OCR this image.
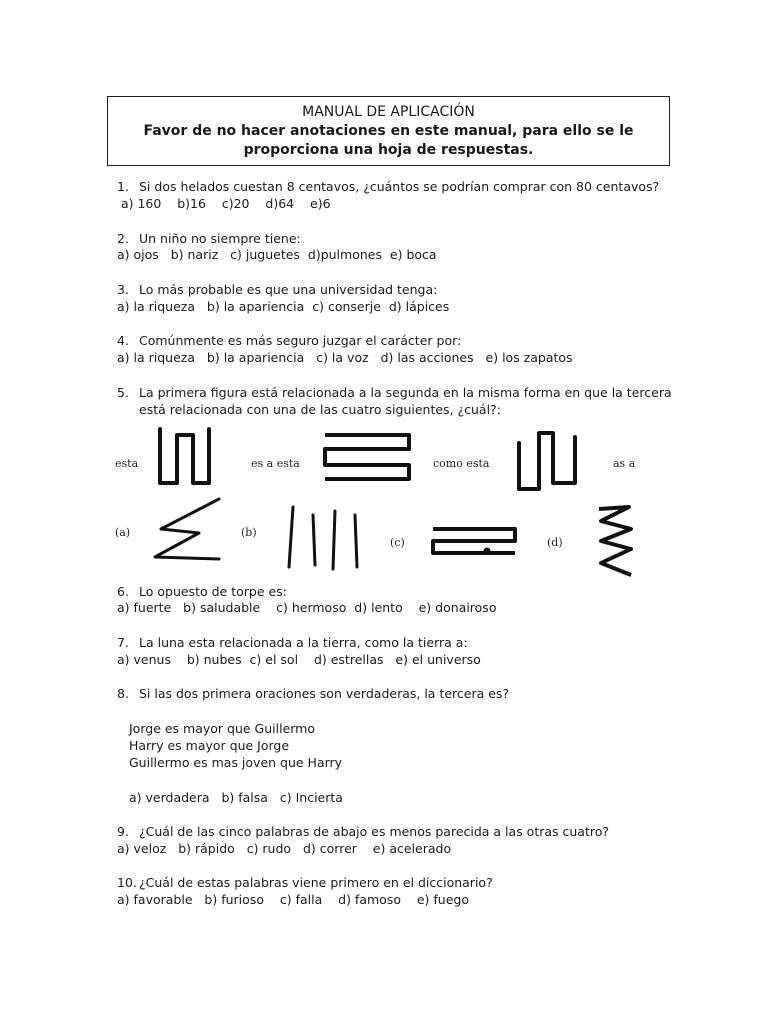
MANUAL DE APLICACIÓN
Favor de no hacer anotaciones en este manual, para ello se le
proporciona una hoja de respuestas.
1. Si dos helados cuestan 8 centavos, ¿cuántos se podrían comprar con 80 centavos?
a) 160    b)16    c)20    d)64    e)6
2. Un niño no siempre tiene:
a) ojos   b) nariz   c) juguetes  d)pulmones  e) boca
3. Lo más probable es que una universidad tenga:
a) la riqueza   b) la apariencia  c) conserje  d) lápices
4. Comúnmente es más seguro juzgar el carácter por:
a) la riqueza   b) la apariencia   c) la voz   d) las acciones   e) los zapatos
5. La primera figura está relacionada a la segunda en la misma forma en que la tercera
está relacionada con una de las cuatro siguientes, ¿cuál?:
esta	es a esta	como esta	as a
(a)	(b)
(c)	(d)
6. Lo opuesto de torpe es:
a) fuerte   b) saludable    c) hermoso  d) lento    e) donairoso
7. La luna esta relacionada a la tierra, como la tierra a:
a) venus    b) nubes  c) el sol    d) estrellas   e) el universo
8. Si las dos primera oraciones son verdaderas, la tercera es?
Jorge es mayor que Guillermo
Harry es mayor que Jorge
Guillermo es mas joven que Harry
a) verdadera   b) falsa   c) Incierta
9. ¿Cuál de las cinco palabras de abajo es menos parecida a las otras cuatro?
a) veloz   b) rápido   c) rudo   d) correr    e) acelerado
10. ¿Cuál de estas palabras viene primero en el diccionario?
a) favorable   b) furioso    c) falla    d) famoso    e) fuego
